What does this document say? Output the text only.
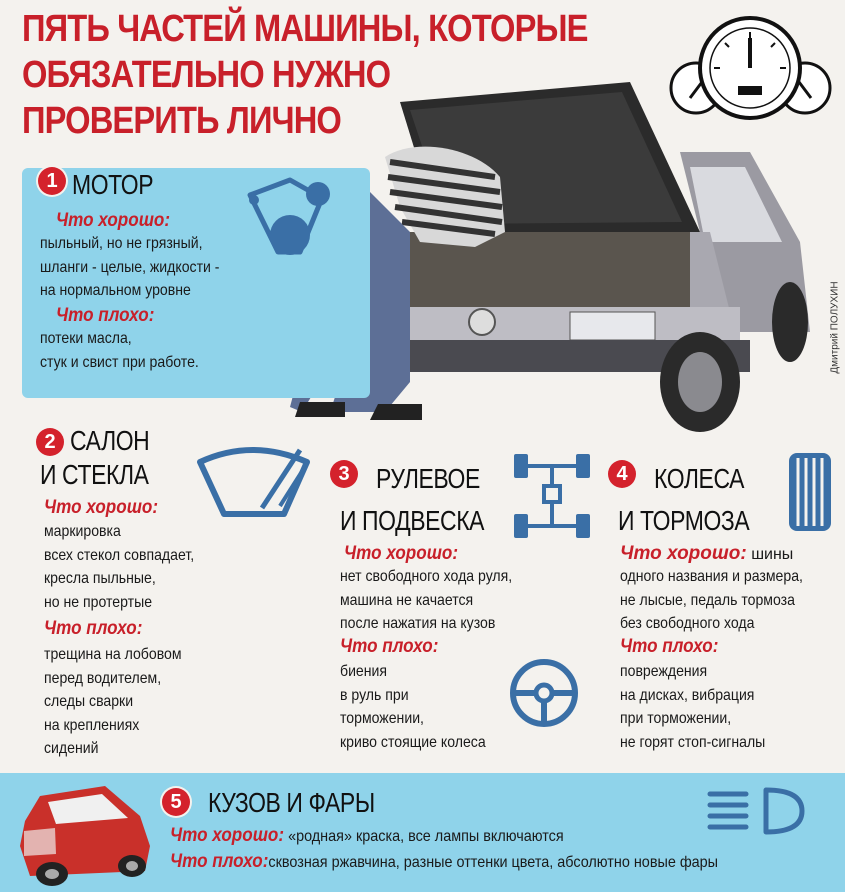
ПЯТЬ ЧАСТЕЙ МАШИНЫ, КОТОРЫЕ
ОБЯЗАТЕЛЬНО НУЖНО
ПРОВЕРИТЬ ЛИЧНО
1 МОТОР
Что хорошо:
пыльный, но не грязный,
шланги - целые, жидкости -
на нормальном уровне
Что плохо:
потеки масла,
стук и свист при работе.	Дмитрий ПОЛУХИН
2 САЛОН
И СТЕКЛА
Что хорошо:
маркировка
всех стекол совпадает,
кресла пыльные,
но не протертые
Что плохо:
трещина на лобовом
перед водителем,
следы сварки
на креплениях
сидений
3 РУЛЕВОЕ
И ПОДВЕСКА
Что хорошо:
нет свободного хода руля,
машина не качается
после нажатия на кузов
Что плохо:
биения
в руль при
торможении,
криво стоящие колеса
4 КОЛЕСА
И ТОРМОЗА
Что хорошо: шины
одного названия и размера,
не лысые, педаль тормоза
без свободного хода
Что плохо:
повреждения
на дисках, вибрация
при торможении,
не горят стоп-сигналы
5 КУЗОВ И ФАРЫ
Что хорошо: «родная» краска, все лампы включаются
Что плохо:сквозная ржавчина, разные оттенки цвета, абсолютно новые фары
